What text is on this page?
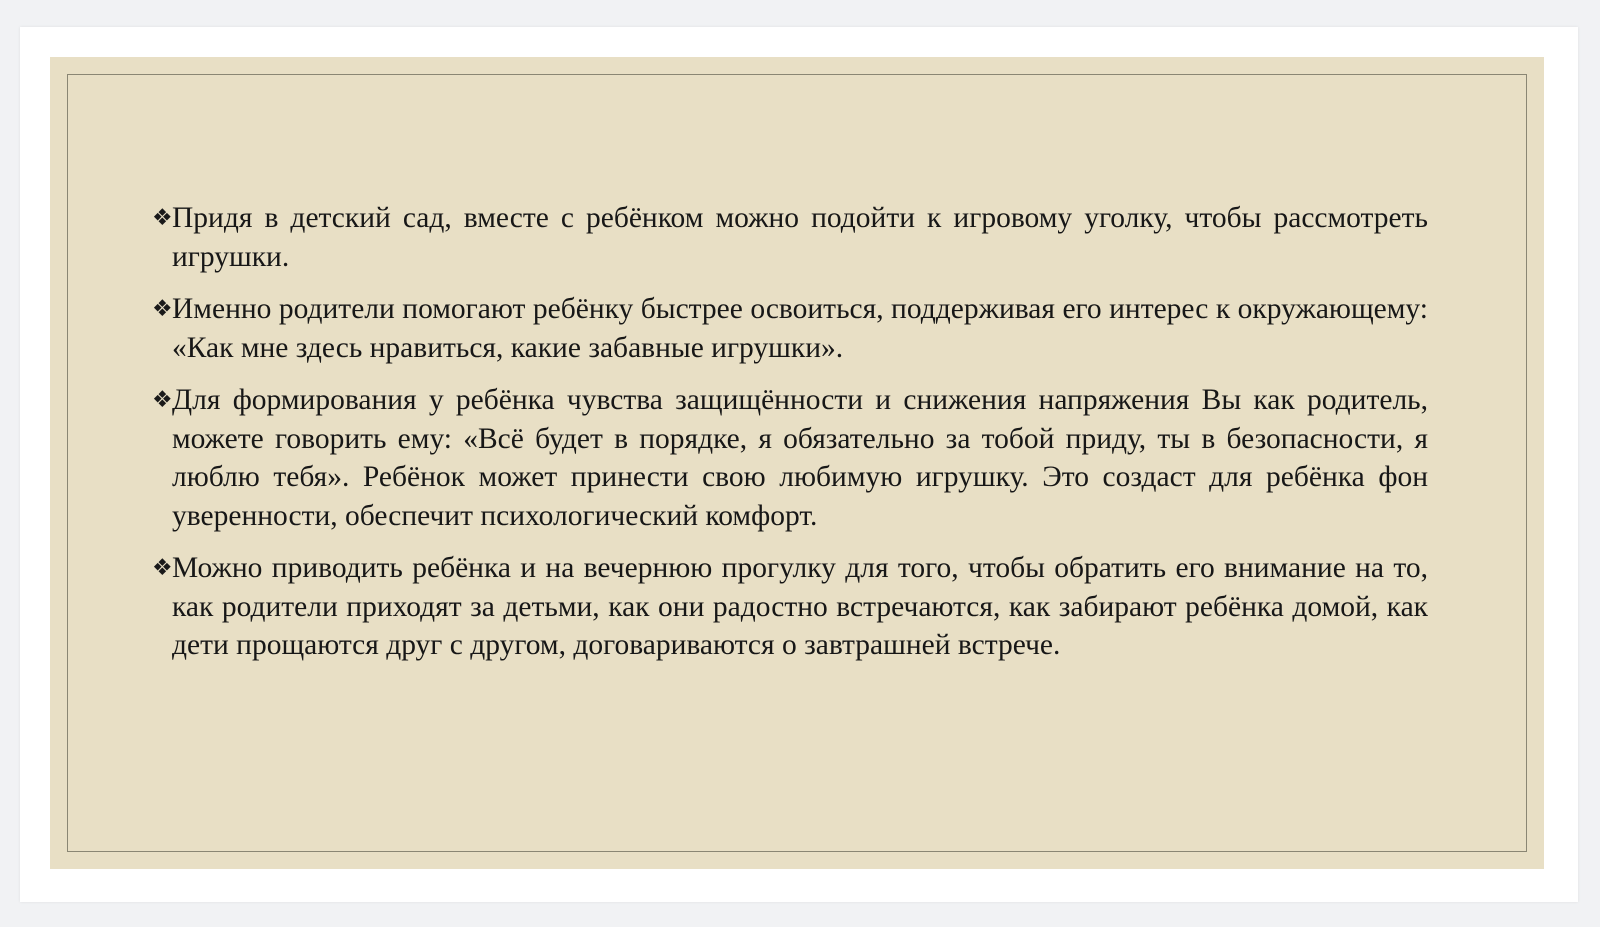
❖ Придя в детский сад, вместе с ребёнком можно подойти к игровому уголку, чтобы рассмотреть игрушки.
❖ Именно родители помогают ребёнку быстрее освоиться, поддерживая его интерес к окружающему: «Как мне здесь нравиться, какие забавные игрушки».
❖ Для формирования у ребёнка чувства защищённости и снижения напряжения Вы как родитель, можете говорить ему: «Всё будет в порядке, я обязательно за тобой приду, ты в безопасности, я люблю тебя». Ребёнок может принести свою любимую игрушку. Это создаст для ребёнка фон уверенности, обеспечит психологический комфорт.
❖ Можно приводить ребёнка и на вечернюю прогулку для того, чтобы обратить его внимание на то, как родители приходят за детьми, как они радостно встречаются, как забирают ребёнка домой, как дети прощаются друг с другом, договариваются о завтрашней встрече.
